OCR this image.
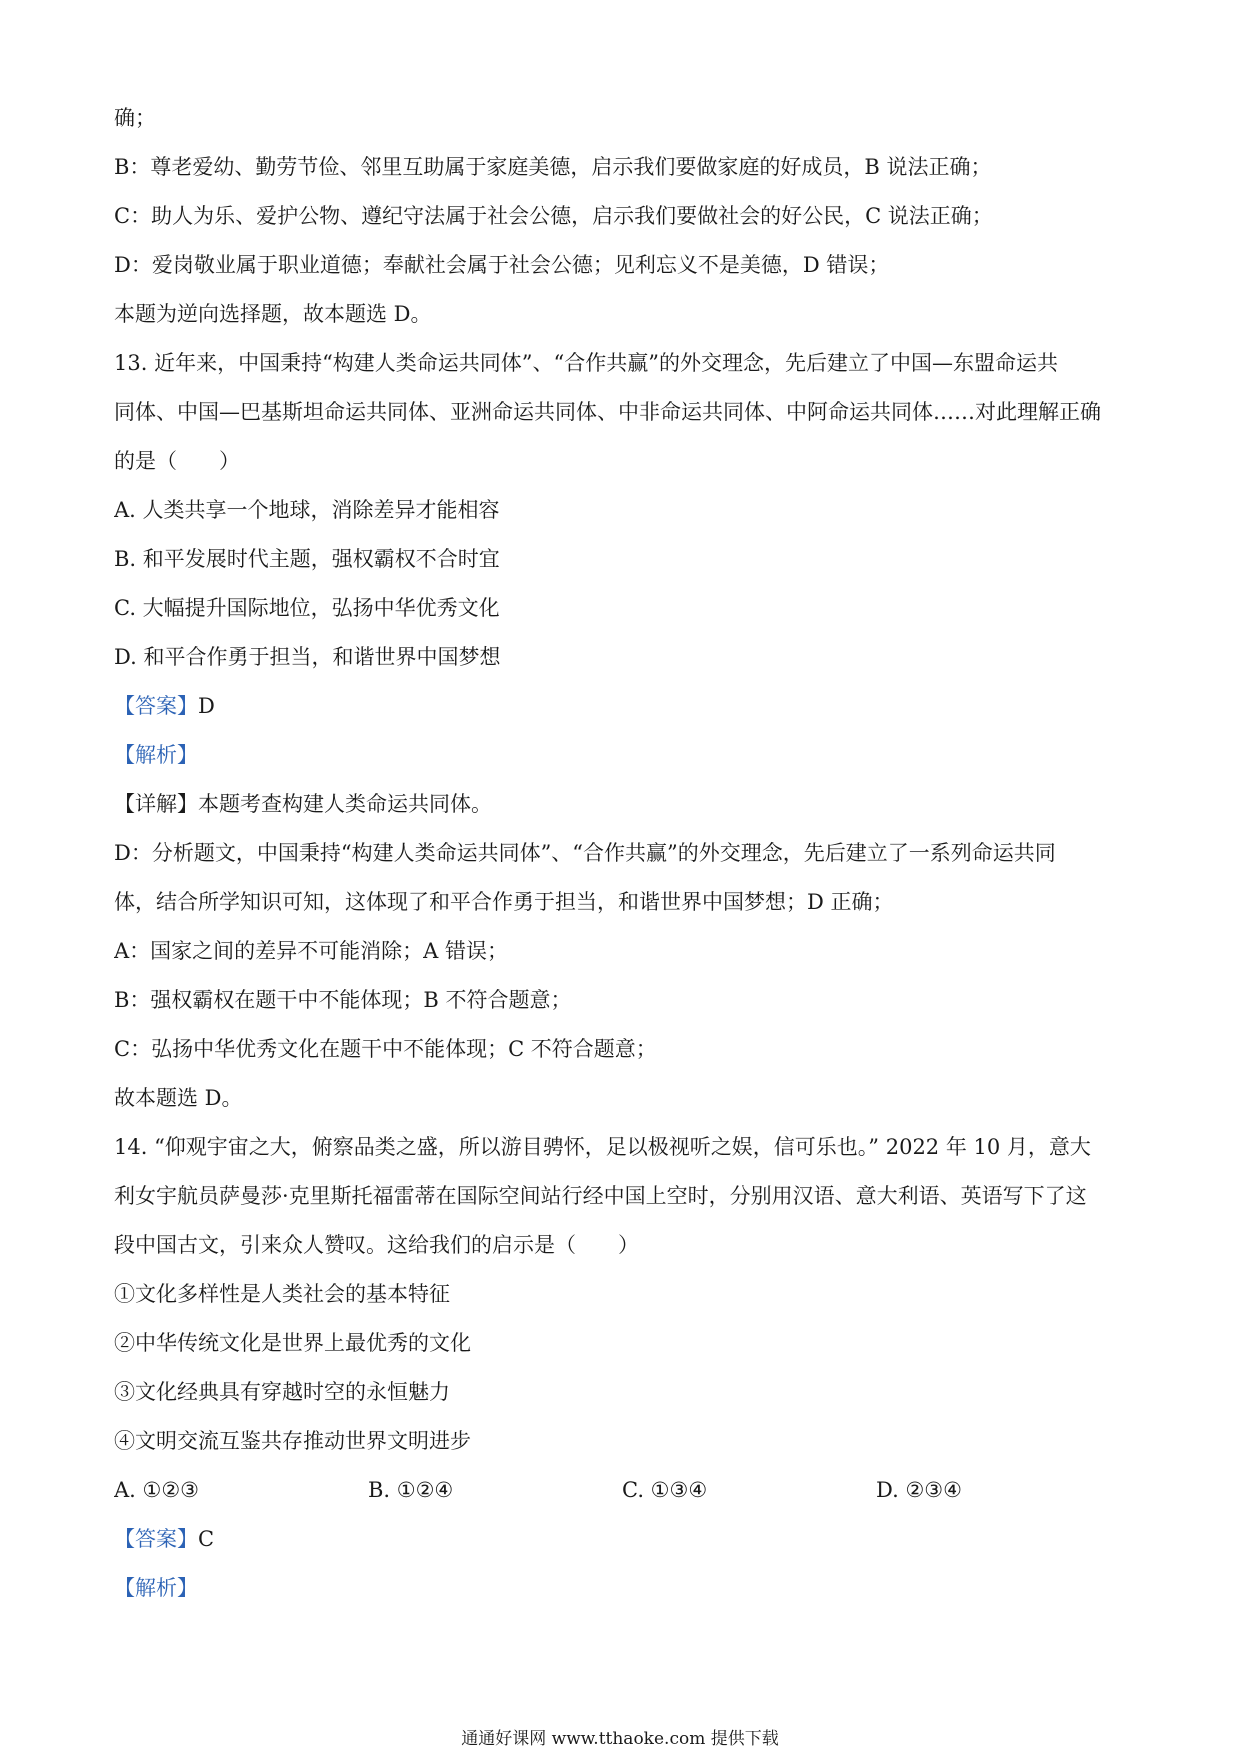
确；
B：尊老爱幼、勤劳节俭、邻里互助属于家庭美德，启示我们要做家庭的好成员，B 说法正确；
C：助人为乐、爱护公物、遵纪守法属于社会公德，启示我们要做社会的好公民，C 说法正确；
D：爱岗敬业属于职业道德；奉献社会属于社会公德；见利忘义不是美德，D 错误；
本题为逆向选择题，故本题选 D。
13. 近年来，中国秉持“构建人类命运共同体”、“合作共赢”的外交理念，先后建立了中国—东盟命运共
同体、中国—巴基斯坦命运共同体、亚洲命运共同体、中非命运共同体、中阿命运共同体……对此理解正确
的是（　　）
A. 人类共享一个地球，消除差异才能相容
B. 和平发展时代主题，强权霸权不合时宜
C. 大幅提升国际地位，弘扬中华优秀文化
D. 和平合作勇于担当，和谐世界中国梦想
【答案】D
【解析】
【详解】本题考查构建人类命运共同体。
D：分析题文，中国秉持“构建人类命运共同体”、“合作共赢”的外交理念，先后建立了一系列命运共同
体，结合所学知识可知，这体现了和平合作勇于担当，和谐世界中国梦想；D 正确；
A：国家之间的差异不可能消除；A 错误；
B：强权霸权在题干中不能体现；B 不符合题意；
C：弘扬中华优秀文化在题干中不能体现；C 不符合题意；
故本题选 D。
14. “仰观宇宙之大，俯察品类之盛，所以游目骋怀，足以极视听之娱，信可乐也。” 2022 年 10 月，意大
利女宇航员萨曼莎·克里斯托福雷蒂在国际空间站行经中国上空时，分别用汉语、意大利语、英语写下了这
段中国古文，引来众人赞叹。这给我们的启示是（　　）
①文化多样性是人类社会的基本特征
②中华传统文化是世界上最优秀的文化
③文化经典具有穿越时空的永恒魅力
④文明交流互鉴共存推动世界文明进步
A. ①②③	B. ①②④	C. ①③④	D. ②③④
【答案】C
【解析】
通通好课网 www.tthaoke.com 提供下载
